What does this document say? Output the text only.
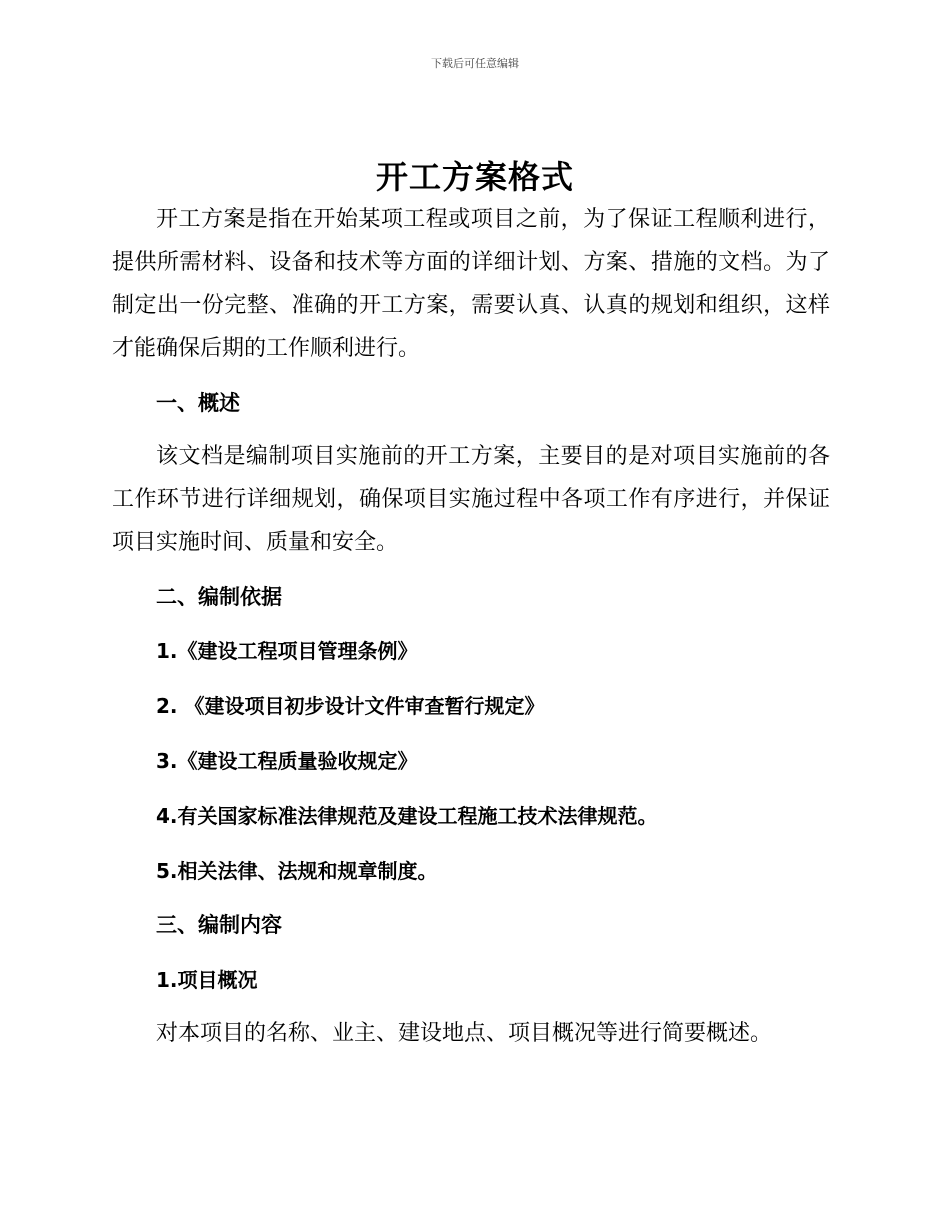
下载后可任意编辑
开工方案格式

开工方案是指在开始某项工程或项目之前，为了保证工程顺利进行，提供所需材料、设备和技术等方面的详细计划、方案、措施的文档。为了制定出一份完整、准确的开工方案，需要认真、认真的规划和组织，这样才能确保后期的工作顺利进行。

一、概述

该文档是编制项目实施前的开工方案，主要目的是对项目实施前的各工作环节进行详细规划，确保项目实施过程中各项工作有序进行，并保证项目实施时间、质量和安全。

二、编制依据
1.《建设工程项目管理条例》
2. 《建设项目初步设计文件审查暂行规定》
3.《建设工程质量验收规定》
4.有关国家标准法律规范及建设工程施工技术法律规范。
5.相关法律、法规和规章制度。
三、编制内容
1.项目概况

对本项目的名称、业主、建设地点、项目概况等进行简要概述。
